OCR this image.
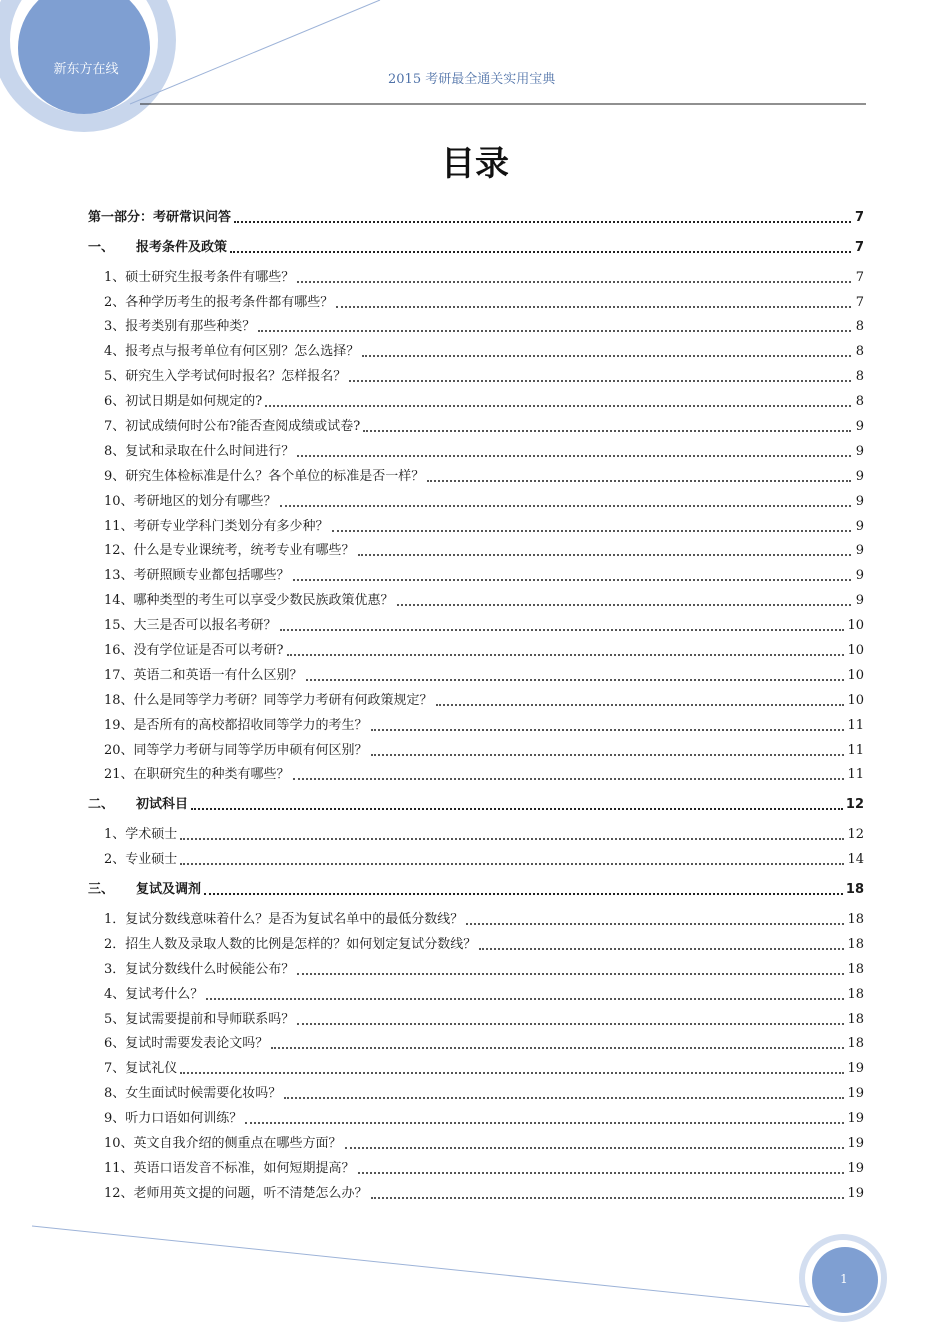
新东方在线
2015 考研最全通关实用宝典
目录
第一部分：考研常识问答	7
一、	报考条件及政策	7
1、硕士研究生报考条件有哪些？	7
2、各种学历考生的报考条件都有哪些？	7
3、报考类别有那些种类？	8
4、报考点与报考单位有何区别？怎么选择？	8
5、研究生入学考试何时报名？怎样报名？	8
6、初试日期是如何规定的?	8
7、初试成绩何时公布?能否查阅成绩或试卷?	9
8、复试和录取在什么时间进行？	9
9、研究生体检标准是什么？各个单位的标准是否一样？	9
10、考研地区的划分有哪些？	9
11、考研专业学科门类划分有多少种？	9
12、什么是专业课统考，统考专业有哪些？	9
13、考研照顾专业都包括哪些？	9
14、哪种类型的考生可以享受少数民族政策优惠？	9
15、大三是否可以报名考研？	10
16、没有学位证是否可以考研?	10
17、英语二和英语一有什么区别？	10
18、什么是同等学力考研？同等学力考研有何政策规定？	10
19、是否所有的高校都招收同等学力的考生？	11
20、同等学力考研与同等学历申硕有何区别？	11
21、在职研究生的种类有哪些？	11
二、	初试科目	12
1、学术硕士	12
2、专业硕士	14
三、	复试及调剂	18
1．复试分数线意味着什么？是否为复试名单中的最低分数线？	18
2．招生人数及录取人数的比例是怎样的？如何划定复试分数线？	18
3．复试分数线什么时候能公布？	18
4、复试考什么？	18
5、复试需要提前和导师联系吗？	18
6、复试时需要发表论文吗？	18
7、复试礼仪	19
8、女生面试时候需要化妆吗？	19
9、听力口语如何训练？	19
10、英文自我介绍的侧重点在哪些方面？	19
11、英语口语发音不标准，如何短期提高？	19
12、老师用英文提的问题，听不清楚怎么办？	19
1
